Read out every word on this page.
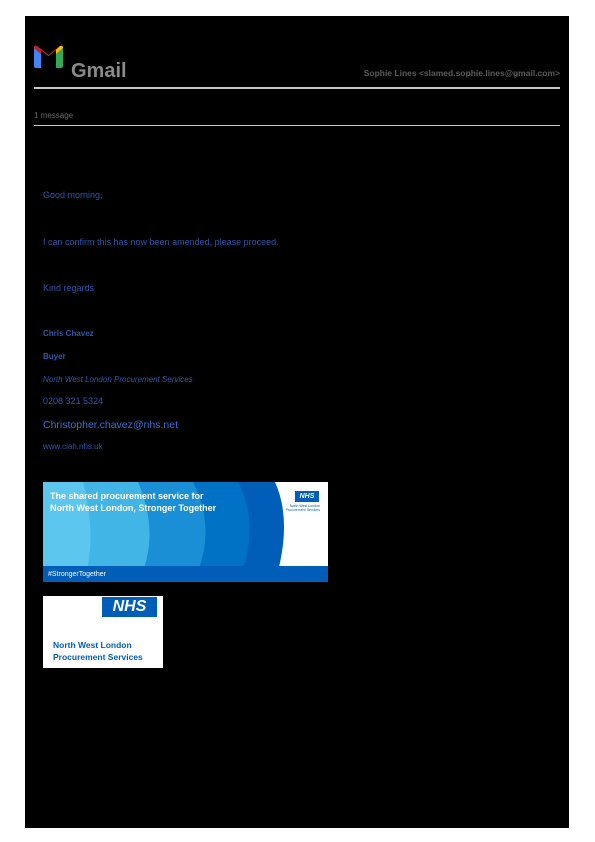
Gmail	Sophie Lines <slamed.sophie.lines@gmail.com>
1 message
Good morning,
I can confirm this has now been amended, please proceed.
Kind regards
Chris Chavez
Buyer
North West London Procurement Services
0208 321 5324
Christopher.chavez@nhs.net
www.ciah.nhs.uk
The shared procurement service for
North West London, Stronger Together
#StrongerTogether
NHS
North West London Procurement Services
NHS
North West London
Procurement Services
